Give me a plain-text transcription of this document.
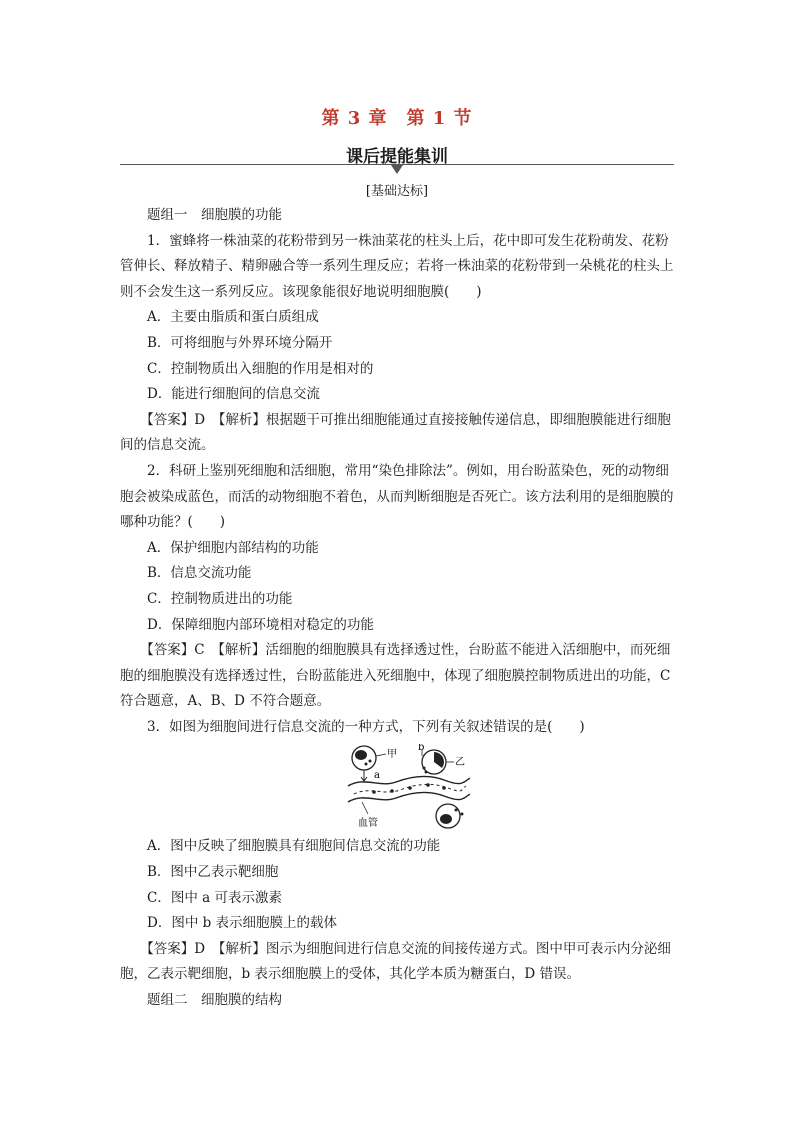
第 3 章　第 1 节
课后提能集训
[基础达标]

题组一　细胞膜的功能

1．蜜蜂将一株油菜的花粉带到另一株油菜花的柱头上后，花中即可发生花粉萌发、花粉管伸长、释放精子、精卵融合等一系列生理反应；若将一株油菜的花粉带到一朵桃花的柱头上则不会发生这一系列反应。该现象能很好地说明细胞膜(　　)

A．主要由脂质和蛋白质组成

B．可将细胞与外界环境分隔开

C．控制物质出入细胞的作用是相对的

D．能进行细胞间的信息交流

【答案】D　【解析】根据题干可推出细胞能通过直接接触传递信息，即细胞膜能进行细胞间的信息交流。

2．科研上鉴别死细胞和活细胞，常用“染色排除法”。例如，用台盼蓝染色，死的动物细胞会被染成蓝色，而活的动物细胞不着色，从而判断细胞是否死亡。该方法利用的是细胞膜的哪种功能？(　　)

A．保护细胞内部结构的功能

B．信息交流功能

C．控制物质进出的功能

D．保障细胞内部环境相对稳定的功能

【答案】C　【解析】活细胞的细胞膜具有选择透过性，台盼蓝不能进入活细胞中，而死细胞的细胞膜没有选择透过性，台盼蓝能进入死细胞中，体现了细胞膜控制物质进出的功能，C 符合题意，A、B、D 不符合题意。

3．如图为细胞间进行信息交流的一种方式，下列有关叙述错误的是(　　)

甲
a
乙
b
血管

A．图中反映了细胞膜具有细胞间信息交流的功能

B．图中乙表示靶细胞

C．图中 a 可表示激素

D．图中 b 表示细胞膜上的载体

【答案】D　【解析】图示为细胞间进行信息交流的间接传递方式。图中甲可表示内分泌细胞，乙表示靶细胞，b 表示细胞膜上的受体，其化学本质为糖蛋白，D 错误。

题组二　细胞膜的结构
